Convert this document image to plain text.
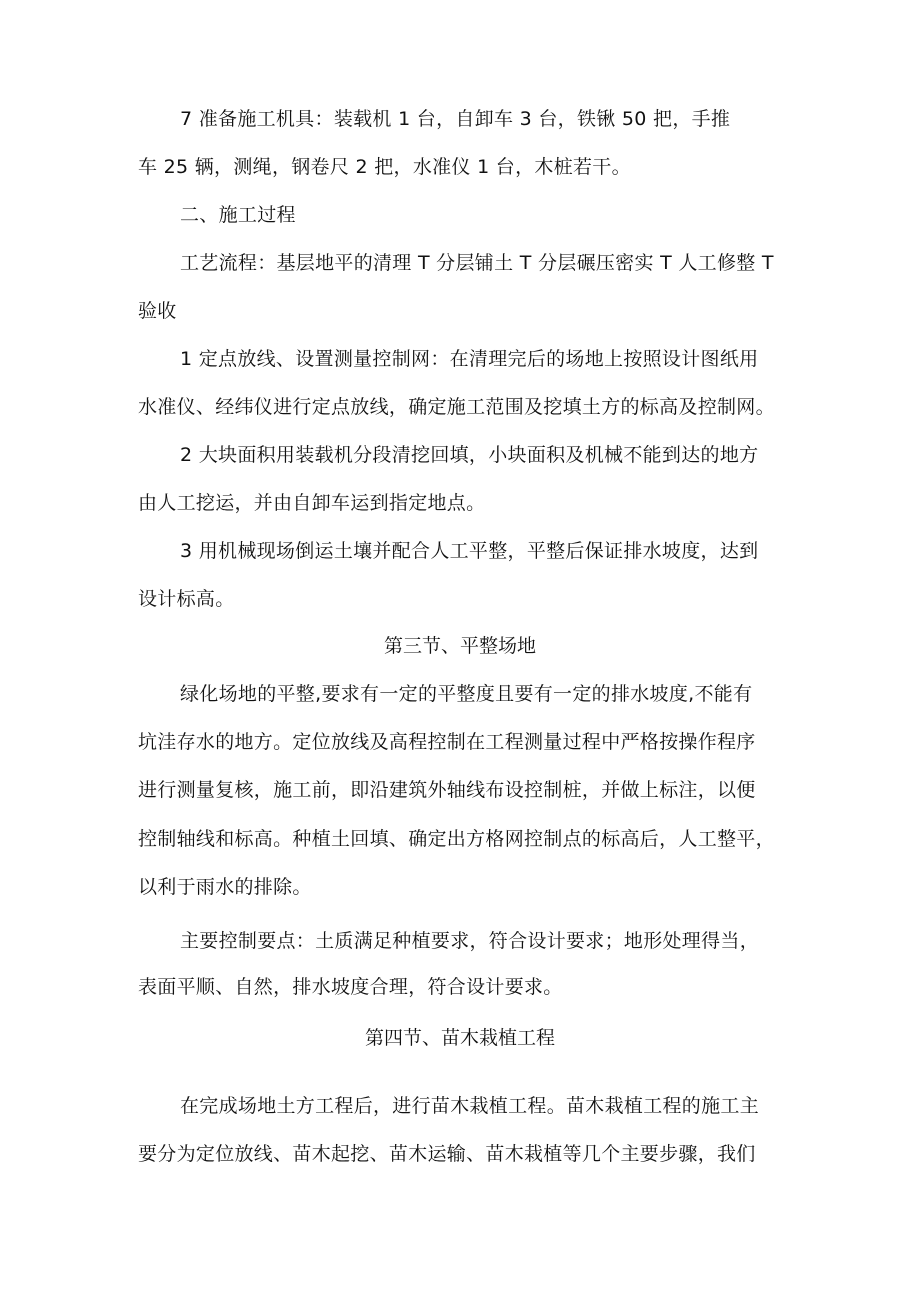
7 准备施工机具：装载机 1 台，自卸车 3 台，铁锹 50 把，手推
车 25 辆，测绳，钢卷尺 2 把，水准仪 1 台，木桩若干。
二、施工过程
工艺流程：基层地平的清理 T 分层铺土 T 分层碾压密实 T 人工修整 T
验收
1 定点放线、设置测量控制网：在清理完后的场地上按照设计图纸用
水准仪、经纬仪进行定点放线，确定施工范围及挖填土方的标高及控制网。
2 大块面积用装载机分段清挖回填，小块面积及机械不能到达的地方
由人工挖运，并由自卸车运到指定地点。
3 用机械现场倒运土壤并配合人工平整，平整后保证排水坡度，达到
设计标高。
第三节、平整场地
绿化场地的平整,要求有一定的平整度且要有一定的排水坡度,不能有
坑洼存水的地方。定位放线及高程控制在工程测量过程中严格按操作程序
进行测量复核，施工前，即沿建筑外轴线布设控制桩，并做上标注，以便
控制轴线和标高。种植土回填、确定出方格网控制点的标高后，人工整平，
以利于雨水的排除。
主要控制要点：土质满足种植要求，符合设计要求；地形处理得当，
表面平顺、自然，排水坡度合理，符合设计要求。
第四节、苗木栽植工程
在完成场地土方工程后，进行苗木栽植工程。苗木栽植工程的施工主
要分为定位放线、苗木起挖、苗木运输、苗木栽植等几个主要步骤，我们
